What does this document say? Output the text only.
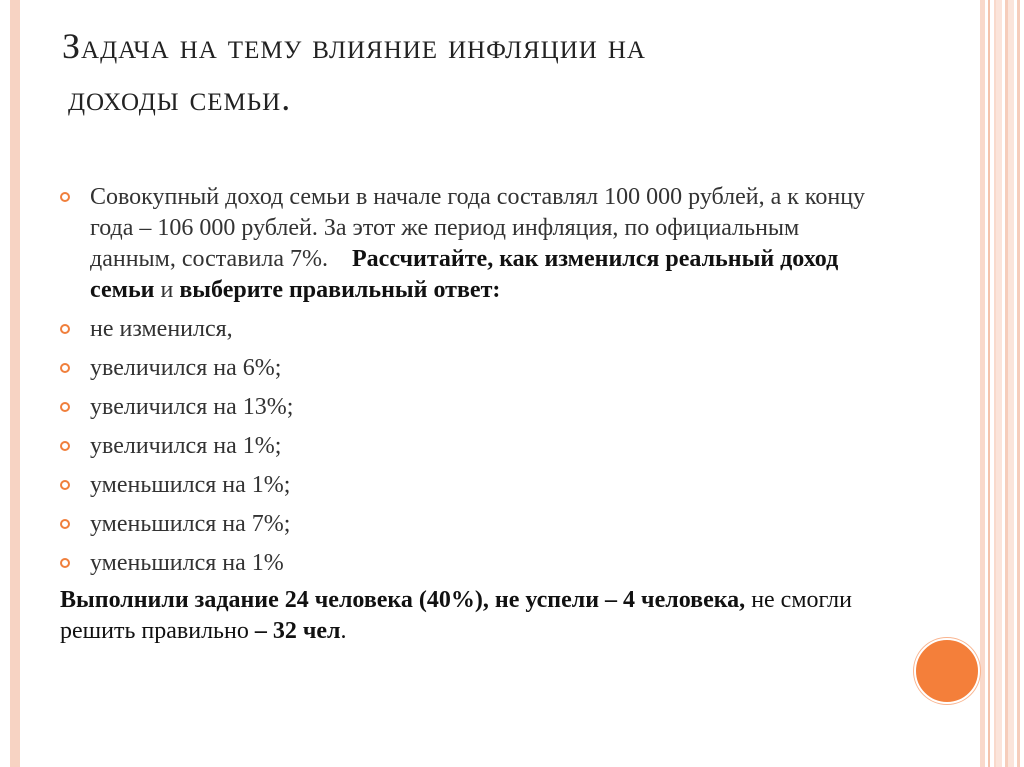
Задача на тему влияние инфляции на
доходы семьи.
Совокупный доход семьи в начале года составлял 100 000 рублей, а к концу года – 106 000 рублей. За этот же период инфляция, по официальным данным, составила 7%. Рассчитайте, как изменился реальный доход семьи и выберите правильный ответ:
не изменился,
увеличился на 6%;
увеличился на 13%;
увеличился на 1%;
уменьшился на 1%;
уменьшился на 7%;
уменьшился на 1%
Выполнили задание 24 человека (40%), не успели – 4 человека, не смогли решить правильно – 32 чел.
